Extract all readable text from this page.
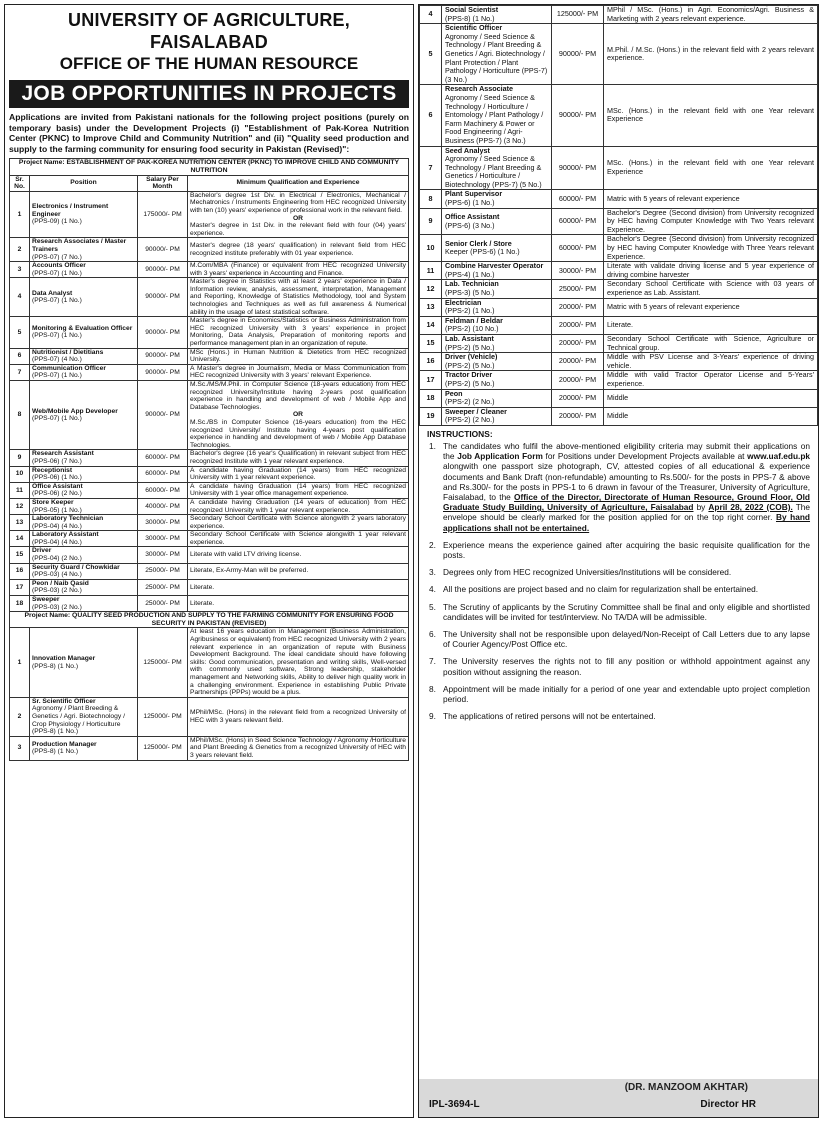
UNIVERSITY OF AGRICULTURE, FAISALABAD
OFFICE OF THE HUMAN RESOURCE
JOB OPPORTUNITIES IN PROJECTS
Applications are invited from Pakistani nationals for the following project positions (purely on temporary basis) under the Development Projects (i) "Establishment of Pak-Korea Nutrition Center (PKNC) to Improve Child and Community Nutrition" and (ii) "Quality seed production and supply to the farming community for ensuring food security in Pakistan (Revised)":
Project Name: ESTABLISHMENT OF PAK-KOREA NUTRITION CENTER (PKNC) TO IMPROVE CHILD AND COMMUNITY NUTRITION			
Sr. No.	Position	Salary Per Month	Minimum Qualification and Experience
1	Electronics / Instrument Engineer
(PPS-09) (1 No.)	175000/- PM	Bachelor's degree 1st Div. in Electrical / Electronics, Mechanical / Mechatronics / Instruments Engineering from HEC recognized University with ten (10) years' experience of professional work in the relevant field.
OR
Master's degree in 1st Div. in the relevant field with four (04) years' experience.
2	Research Associates / Master Trainers
(PPS-07) (7 No.)	90000/- PM	Master's degree (18 years' qualification) in relevant field from HEC recognized institute preferably with 01 year experience.
3	Accounts Officer
(PPS-07) (1 No.)	90000/- PM	M.Com/MBA (Finance) or equivalent from HEC recognized University with 3 years' experience in Accounting and Finance.
4	Data Analyst
(PPS-07) (1 No.)	90000/- PM	Master's degree in Statistics with at least 2 years' experience in Data / Information review, analysis, assessment, interpretation, Management and Reporting, Knowledge of Statistics Methodology, tool and System technologies and Techniques as well as full awareness & Numerical ability in the usage of latest statistical software.
5	Monitoring & Evaluation Officer
(PPS-07) (1 No.)	90000/- PM	Master's degree in Economics/Statistics or Business Administration from HEC recognized University with 3 years' experience in project Monitoring, Data Analysis, Preparation of monitoring reports and performance management plan in an organization of repute.
6	Nutritionist / Dietitians
(PPS-07) (4 No.)	90000/- PM	MSc (Hons.) in Human Nutrition & Dietetics from HEC recognized University.
7	Communication Officer
(PPS-07) (1 No.)	90000/- PM	A Master's degree in Journalism, Media or Mass Communication from HEC recognized University with 3 years' relevant Experience.
8	Web/Mobile App Developer
(PPS-07) (1 No.)	90000/- PM	M.Sc./MS/M.Phil. in Computer Science (18-years education) from HEC recognized University/Institute having 2-years post qualification experience in handling and development of web / Mobile App and Database Technologies.
OR
M.Sc./BS in Computer Science (16-years education) from the HEC recognized University/ Institute having 4-years post qualification experience in handling and development of web / Mobile App Database Technologies.
9	Research Assistant
(PPS-06) (7 No.)	60000/- PM	Bachelor's degree (16 year's Qualification) in relevant subject from HEC recognized Institute with 1 year relevant experience.
10	Receptionist
(PPS-06) (1 No.)	60000/- PM	A candidate having Graduation (14 years) from HEC recognized University with 1 year relevant experience.
11	Office Assistant
(PPS-06) (2 No.)	60000/- PM	A candidate having Graduation (14 years) from HEC recognized University with 1 year office management experience.
12	Store Keeper
(PPS-05) (1 No.)	40000/- PM	A candidate having Graduation (14 years of education) from HEC recognized University with 1 year relevant experience.
13	Laboratory Technician
(PPS-04) (4 No.)	30000/- PM	Secondary School Certificate with Science alongwith 2 years laboratory experience.
14	Laboratory Assistant
(PPS-04) (4 No.)	30000/- PM	Secondary School Certificate with Science alongwith 1 year relevant experience.
15	Driver
(PPS-04) (2 No.)	30000/- PM	Literate with valid LTV driving license.
16	Security Guard / Chowkidar
(PPS-03) (4 No.)	25000/- PM	Literate, Ex-Army-Man will be preferred.
17	Peon / Naib Qasid
(PPS-03) (2 No.)	25000/- PM	Literate.
18	Sweeper
(PPS-03) (2 No.)	25000/- PM	Literate.
Project Name: QUALITY SEED PRODUCTION AND SUPPLY TO THE FARMING COMMUNITY FOR ENSURING FOOD SECURITY IN PAKISTAN (REVISED)			
1	Innovation Manager
(PPS-8) (1 No.)	125000/- PM	At least 16 years education in Management (Business Administration, Agribusiness or equivalent) from HEC recognized University with 2 years relevant experience in an organization of repute with Business Development Background. The ideal candidate should have following skills: Good communication, presentation and writing skills, Well-versed with commonly used software, Strong leadership, stakeholder management and Networking skills, Ability to deliver high quality work in a challenging environment. Experience in establishing Public Private Partnerships (PPPs) would be a plus.
2	Sr. Scientific Officer
Agronomy / Plant Breeding & Genetics / Agri. Biotechnology / Crop Physiology / Horticulture (PPS-8) (1 No.)	125000/- PM	MPhil/MSc. (Hons) in the relevant field from a recognized University of HEC with 3 years relevant field.
3	Production Manager
(PPS-8) (1 No.)	125000/- PM	MPhil/MSc. (Hons) in Seed Science Technology / Agronomy /Horticulture and Plant Breeding & Genetics from a recognized University of HEC with 3 years relevant field.
4	Social Scientist
(PPS-8) (1 No.)	125000/- PM	MPhil / MSc. (Hons.) in Agri. Economics/Agri. Business & Marketing with 2 years relevant experience.
5	Scientific Officer
Agronomy / Seed Science & Technology / Plant Breeding & Genetics / Agri. Biotechnology / Plant Protection / Plant Pathology / Horticulture (PPS-7) (3 No.)	90000/- PM	M.Phil. / M.Sc. (Hons.) in the relevant field with 2 years relevant experience.
6	Research Associate
Agronomy / Seed Science & Technology / Horticulture / Entomology / Plant Pathology / Farm Machinery & Power or Food Engineering / Agri-Business (PPS-7) (3 No.)	90000/- PM	MSc. (Hons.) in the relevant field with one Year relevant Experience
7	Seed Analyst
Agronomy / Seed Science & Technology / Plant Breeding & Genetics / Horticulture / Biotechnology (PPS-7) (5 No.)	90000/- PM	MSc. (Hons.) in the relevant field with one Year relevant Experience
8	Plant Supervisor
(PPS-6) (1 No.)	60000/- PM	Matric with 5 years of relevant experience
9	Office Assistant
(PPS-6) (3 No.)	60000/- PM	Bachelor's Degree (Second division) from University recognized by HEC having Computer Knowledge with Two Years relevant Experience.
10	Senior Clerk / Store
Keeper (PPS-6) (1 No.)	60000/- PM	Bachelor's Degree (Second division) from University recognized by HEC having Computer Knowledge with Three Years relevant Experience.
11	Combine Harvester Operator
(PPS-4) (1 No.)	30000/- PM	Literate with validate driving license and 5 year experience of driving combine harvester
12	Lab. Technician
(PPS-3) (5 No.)	25000/- PM	Secondary School Certificate with Science with 03 years of experience as Lab. Assistant.
13	Electrician
(PPS-2) (1 No.)	20000/- PM	Matric with 5 years of relevant experience
14	Feldman / Beldar
(PPS-2) (10 No.)	20000/- PM	Literate.
15	Lab. Assistant
(PPS-2) (5 No.)	20000/- PM	Secondary School Certificate with Science, Agriculture or Technical group.
16	Driver (Vehicle)
(PPS-2) (5 No.)	20000/- PM	Middle with PSV License and 3-Years' experience of driving vehicle.
17	Tractor Driver
(PPS-2) (5 No.)	20000/- PM	Middle with valid Tractor Operator License and 5-Years' experience.
18	Peon
(PPS-2) (2 No.)	20000/- PM	Middle
19	Sweeper / Cleaner
(PPS-2) (2 No.)	20000/- PM	Middle
INSTRUCTIONS:
1. The candidates who fulfil the above-mentioned eligibility criteria may submit their applications on the Job Application Form for Positions under Development Projects available at www.uaf.edu.pk alongwith one passport size photograph, CV, attested copies of all educational & experience documents and Bank Draft (non-refundable) amounting to Rs.500/- for the posts in PPS-7 & above and Rs.300/- for the posts in PPS-1 to 6 drawn in favour of the Treasurer, University of Agriculture, Faisalabad, to the Office of the Director, Directorate of Human Resource, Ground Floor, Old Graduate Study Building, University of Agriculture, Faisalabad by April 28, 2022 (COB). The envelope should be clearly marked for the position applied for on the top right corner. By hand applications shall not be entertained.
2. Experience means the experience gained after acquiring the basic requisite qualification for the posts.
3. Degrees only from HEC recognized Universities/Institutions will be considered.
4. All the positions are project based and no claim for regularization shall be entertained.
5. The Scrutiny of applicants by the Scrutiny Committee shall be final and only eligible and shortlisted candidates will be invited for test/interview. No TA/DA will be admissible.
6. The University shall not be responsible upon delayed/Non-Receipt of Call Letters due to any lapse of Courier Agency/Post Office etc.
7. The University reserves the rights not to fill any position or withhold appointment against any position without assigning the reason.
8. Appointment will be made initially for a period of one year and extendable upto project completion period.
9. The applications of retired persons will not be entertained.
(DR. MANZOOM AKHTAR)
IPL-3694-L	Director HR
